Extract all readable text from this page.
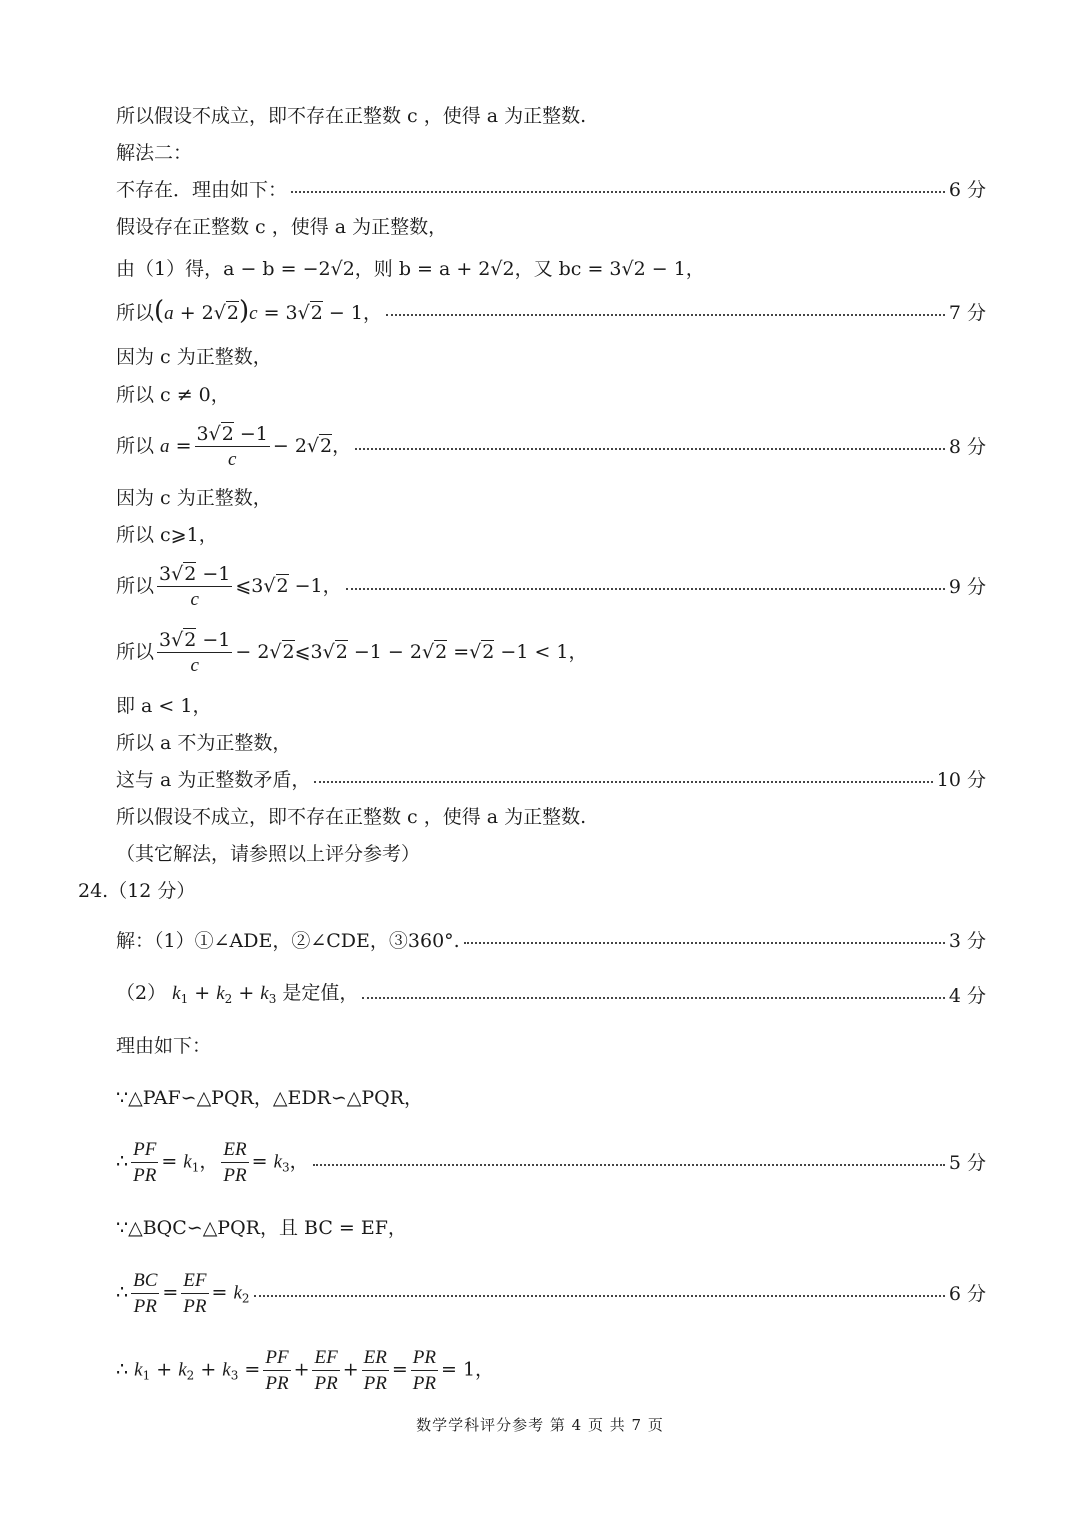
所以假设不成立，即不存在正整数 c ，使得 a 为正整数.
解法二：
不存在．理由如下：	6 分
假设存在正整数 c ，使得 a 为正整数，
由（1）得，a − b = −2√2，则 b = a + 2√2，又 bc = 3√2 − 1，
所以(a + 2√2)c = 3√2 − 1，	7 分
因为 c 为正整数，
所以 c ≠ 0，
所以 $a = \frac{3√2 -1}{c} - 2√2$，	8 分
因为 c 为正整数，
所以 c⩾1，
所以 $\frac{3√2 -1}{c}$ ⩽3√2 −1，	9 分
所以 $\frac{3√2 -1}{c}$ − 2√2⩽3√2 −1 − 2√2 =√2 −1 < 1，
即 a < 1，
所以 a 不为正整数，
这与 a 为正整数矛盾，	10 分
所以假设不成立，即不存在正整数 c ，使得 a 为正整数.
（其它解法，请参照以上评分参考）
24.（12 分）
解：（1）①∠ADE，②∠CDE，③360°.	3 分
（2） $k_1 + k_2 + k_3$ 是定值，	4 分
理由如下：
∵△PAF∽△PQR，△EDR∽△PQR，
∴ $\frac{PF}{PR} = k_1$， $\frac{ER}{PR} = k_3$，	5 分
∵△BQC∽△PQR，且 BC = EF，
∴ $\frac{BC}{PR} = \frac{EF}{PR} = k_2$	6 分
∴ $k_1 + k_2 + k_3 = \frac{PF}{PR} + \frac{EF}{PR} + \frac{ER}{PR} = \frac{PR}{PR} = 1$，
数学学科评分参考 第 4 页 共 7 页
